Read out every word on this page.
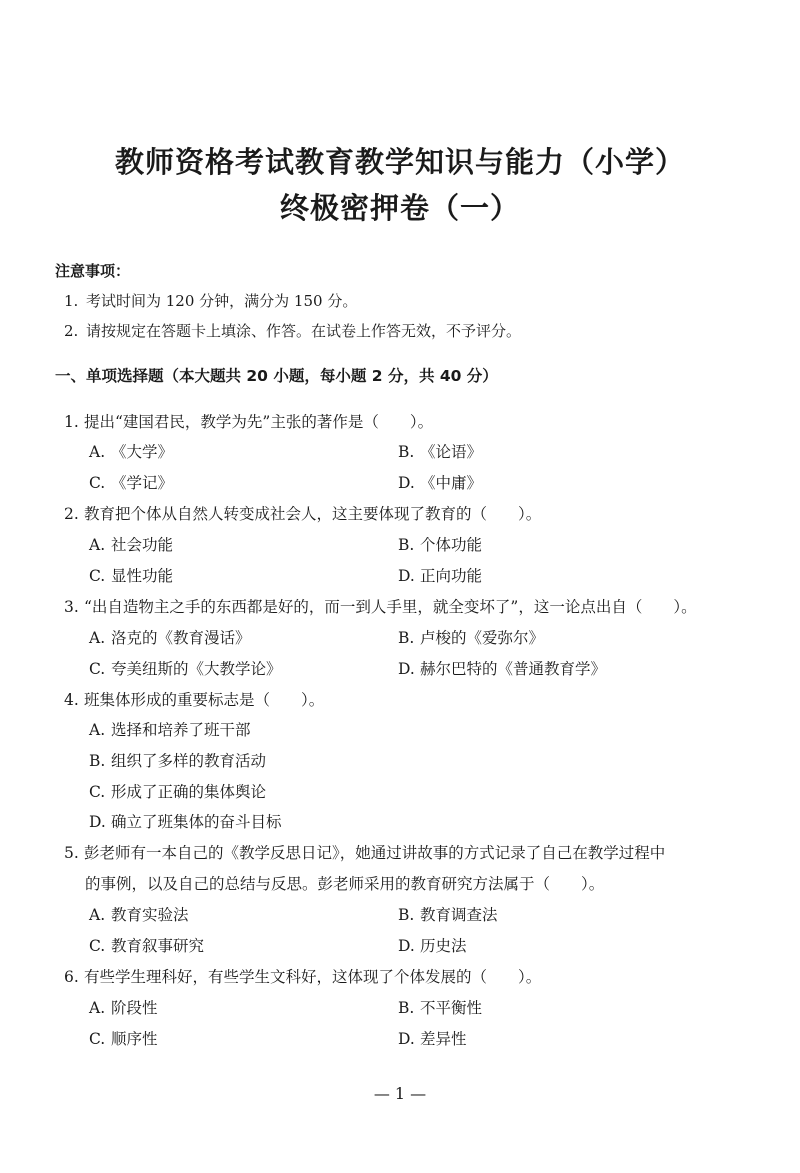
教师资格考试教育教学知识与能力（小学）
终极密押卷（一）
注意事项：
1. 考试时间为 120 分钟，满分为 150 分。
2. 请按规定在答题卡上填涂、作答。在试卷上作答无效，不予评分。
一、单项选择题（本大题共 20 小题，每小题 2 分，共 40 分）
1. 提出“建国君民，教学为先”主张的著作是（　　）。
A. 《大学》	B. 《论语》
C. 《学记》	D. 《中庸》
2. 教育把个体从自然人转变成社会人，这主要体现了教育的（　　）。
A. 社会功能	B. 个体功能
C. 显性功能	D. 正向功能
3. “出自造物主之手的东西都是好的，而一到人手里，就全变坏了”，这一论点出自（　　）。
A. 洛克的《教育漫话》	B. 卢梭的《爱弥尔》
C. 夸美纽斯的《大教学论》	D. 赫尔巴特的《普通教育学》
4. 班集体形成的重要标志是（　　）。
A. 选择和培养了班干部
B. 组织了多样的教育活动
C. 形成了正确的集体舆论
D. 确立了班集体的奋斗目标
5. 彭老师有一本自己的《教学反思日记》，她通过讲故事的方式记录了自己在教学过程中
的事例，以及自己的总结与反思。彭老师采用的教育研究方法属于（　　）。
A. 教育实验法	B. 教育调查法
C. 教育叙事研究	D. 历史法
6. 有些学生理科好，有些学生文科好，这体现了个体发展的（　　）。
A. 阶段性	B. 不平衡性
C. 顺序性	D. 差异性
— 1 —
